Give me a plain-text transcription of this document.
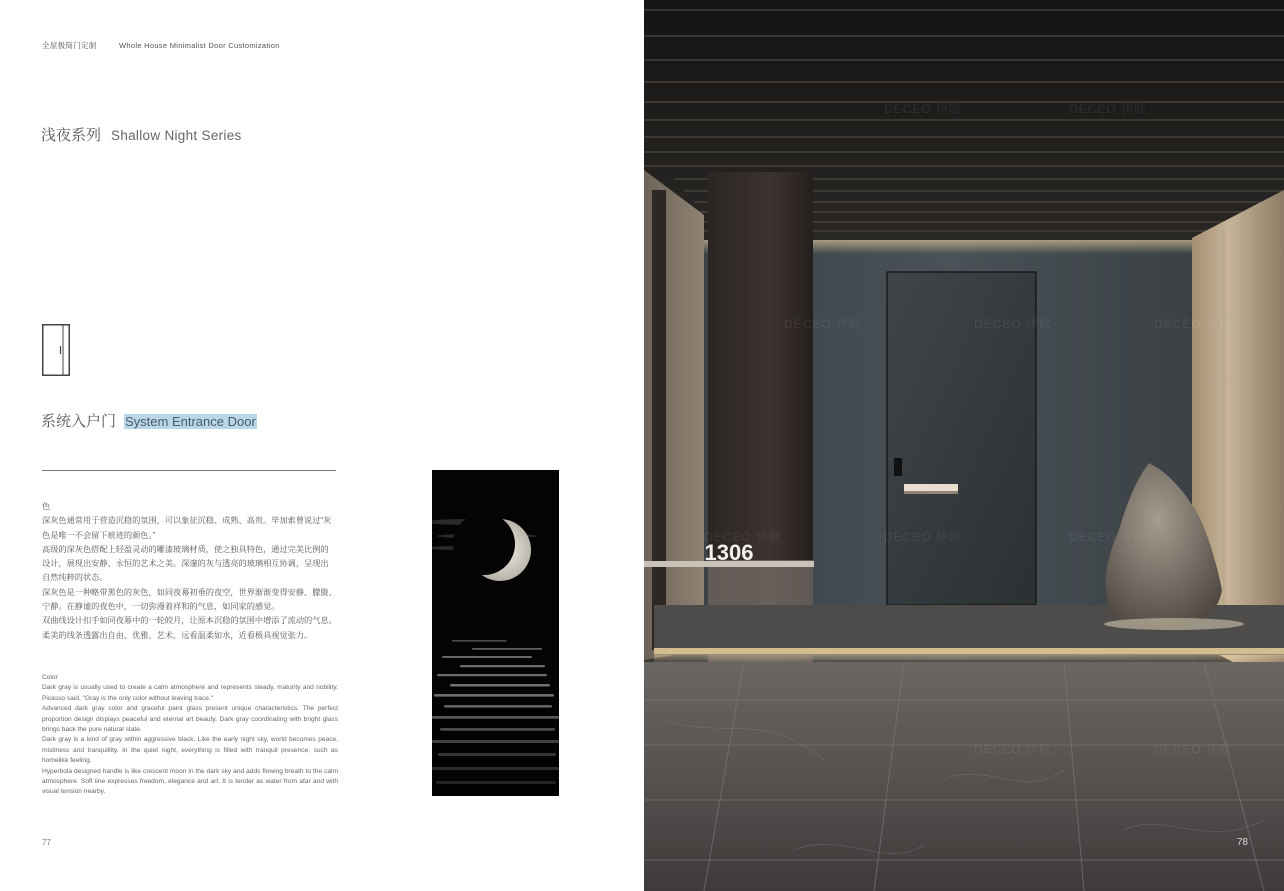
全屋极简门定制	Whole House Minimalist Door Customization
浅夜系列 Shallow Night Series
系统入户门 System Entrance Door

色

深灰色通常用于营造沉稳的氛围，可以象征沉稳、成熟、高贵。毕加索曾说过“灰

色是唯一不会留下痕迹的颜色。”

高级的深灰色搭配上轻盈灵动的雕漆玻璃材质，使之独具特色，通过完美比例的

设计，展现出安静、永恒的艺术之美。深邃的灰与透亮的玻璃相互协调，呈现出

自然纯粹的状态。

深灰色是一种略带黑色的灰色，如同夜幕初垂的夜空，世界渐渐变得安静、朦胧、

宁静。在静谧的夜色中，一切弥漫着祥和的气息，如同家的感觉。

双曲线设计扣手如同夜幕中的一轮皎月，让原本沉稳的氛围中增添了流动的气息。

柔美的线条透露出自由、优雅、艺术，远看温柔如水，近看极具视觉张力。

Color

Dark gray is usually used to create a calm atmosphere and represents steady, maturity and nobility. Picasso said, "Gray is the only color without leaving trace."

Advanced dark gray color and graceful paint glass present unique characteristics. The perfect proportion design displays peaceful and eternal art beauty. Dark gray coordinating with bright glass brings back the pure natural state.

Dark gray is a kind of gray within aggressive black. Like the early night sky, world becomes peace, mistiness and tranquillity. In the quiet night, everything is filled with tranquil presence, such as homelike feeling.

Hyperbola designed handle is like crescent moon in the dark sky and adds flowing breath to the calm atmosphere. Soft line expresses freedom, elegance and art. It is tender as water from afar and with visual tension nearby.

77
1306
DECEO 伊欧	DECEO 伊欧
DECEO 伊欧	DECEO 伊欧	DECEO 伊欧
DECEO 伊欧	DECEO 伊欧	DECEO 伊欧
DECEO 伊欧	DECEO 伊欧
78
